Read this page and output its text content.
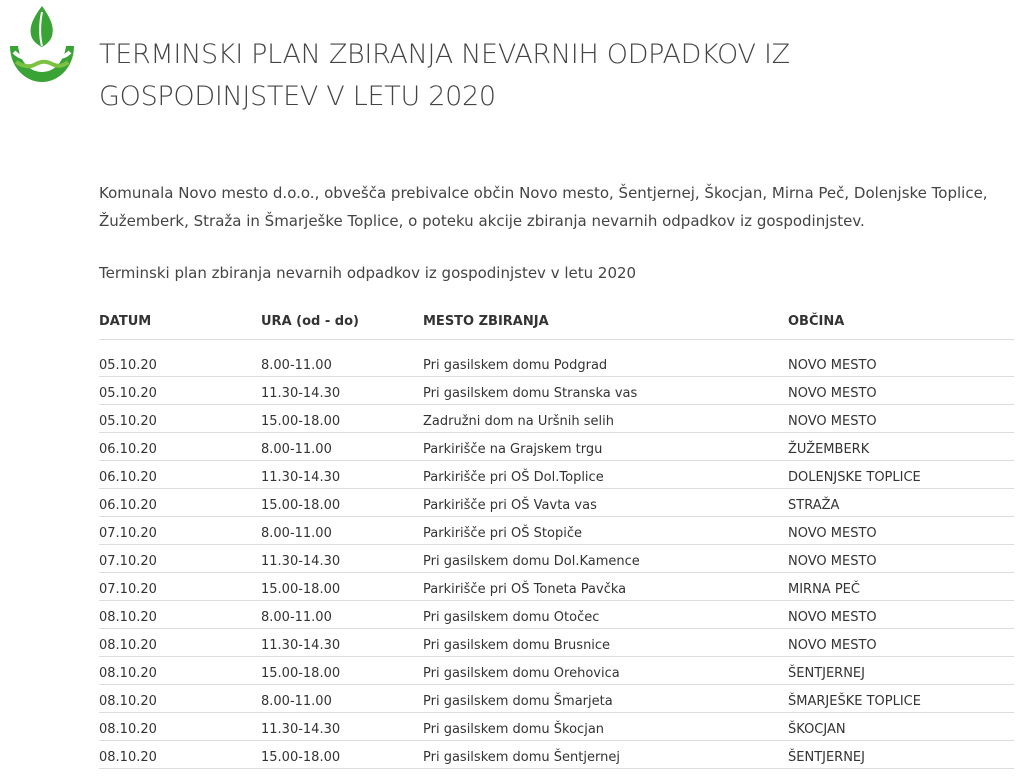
TERMINSKI PLAN ZBIRANJA NEVARNIH ODPADKOV IZ
GOSPODINJSTEV V LETU 2020

Komunala Novo mesto d.o.o., obvešča prebivalce občin Novo mesto, Šentjernej, Škocjan, Mirna Peč, Dolenjske Toplice, Žužemberk, Straža in Šmarješke Toplice, o poteku akcije zbiranja nevarnih odpadkov iz gospodinjstev.

Terminski plan zbiranja nevarnih odpadkov iz gospodinjstev v letu 2020

DATUM	URA (od - do)	MESTO ZBIRANJA	OBČINA
05.10.20	8.00-11.00	Pri gasilskem domu Podgrad	NOVO MESTO
05.10.20	11.30-14.30	Pri gasilskem domu Stranska vas	NOVO MESTO
05.10.20	15.00-18.00	Zadružni dom na Uršnih selih	NOVO MESTO
06.10.20	8.00-11.00	Parkirišče na Grajskem trgu	ŽUŽEMBERK
06.10.20	11.30-14.30	Parkirišče pri OŠ Dol.Toplice	DOLENJSKE TOPLICE
06.10.20	15.00-18.00	Parkirišče pri OŠ Vavta vas	STRAŽA
07.10.20	8.00-11.00	Parkirišče pri OŠ Stopiče	NOVO MESTO
07.10.20	11.30-14.30	Pri gasilskem domu Dol.Kamence	NOVO MESTO
07.10.20	15.00-18.00	Parkirišče pri OŠ Toneta Pavčka	MIRNA PEČ
08.10.20	8.00-11.00	Pri gasilskem domu Otočec	NOVO MESTO
08.10.20	11.30-14.30	Pri gasilskem domu Brusnice	NOVO MESTO
08.10.20	15.00-18.00	Pri gasilskem domu Orehovica	ŠENTJERNEJ
08.10.20	8.00-11.00	Pri gasilskem domu Šmarjeta	ŠMARJEŠKE TOPLICE
08.10.20	11.30-14.30	Pri gasilskem domu Škocjan	ŠKOCJAN
08.10.20	15.00-18.00	Pri gasilskem domu Šentjernej	ŠENTJERNEJ
